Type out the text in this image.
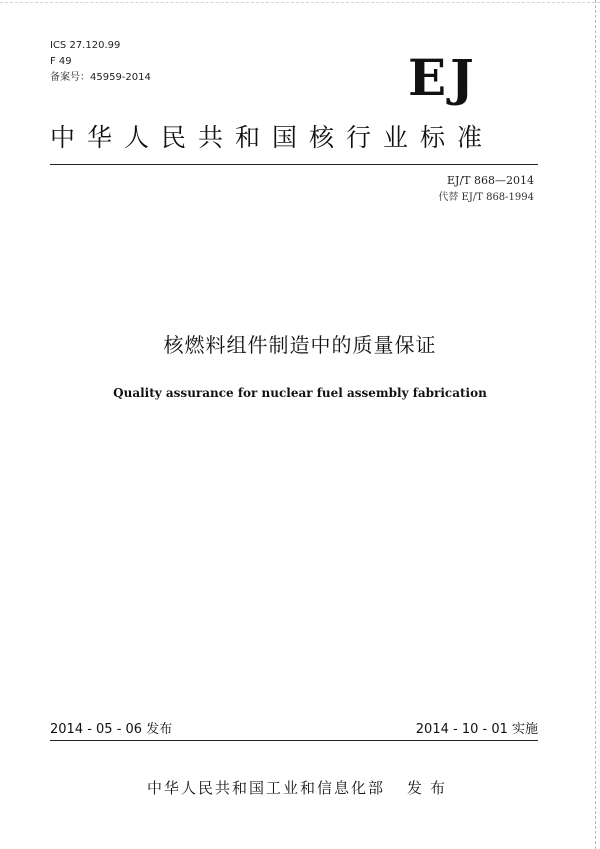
ICS 27.120.99
F 49
备案号：45959-2014	EJ
中华人民共和国核行业标准
EJ/T 868—2014
代替 EJ/T 868-1994
核燃料组件制造中的质量保证
Quality assurance for nuclear fuel assembly fabrication
2014 - 05 - 06 发布	2014 - 10 - 01 实施
中华人民共和国工业和信息化部 发布
